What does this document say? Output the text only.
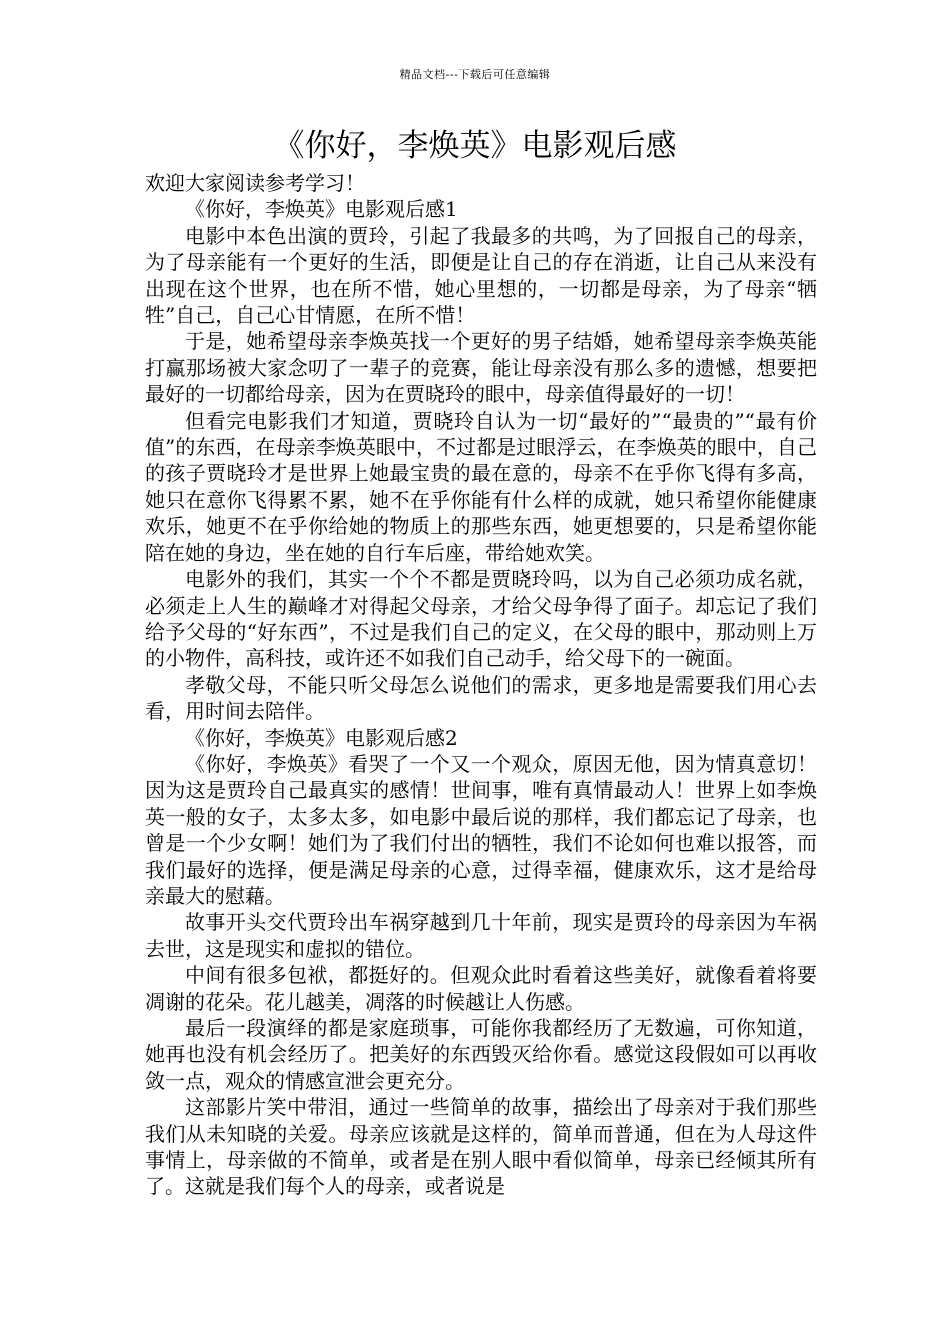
精品文档---下载后可任意编辑
《你好，李焕英》电影观后感

欢迎大家阅读参考学习！

《你好，李焕英》电影观后感1

电影中本色出演的贾玲，引起了我最多的共鸣，为了回报自己的母亲，为了母亲能有一个更好的生活，即便是让自己的存在消逝，让自己从来没有出现在这个世界，也在所不惜，她心里想的，一切都是母亲，为了母亲“牺牲”自己，自己心甘情愿，在所不惜！

于是，她希望母亲李焕英找一个更好的男子结婚，她希望母亲李焕英能打赢那场被大家念叨了一辈子的竞赛，能让母亲没有那么多的遗憾，想要把最好的一切都给母亲，因为在贾晓玲的眼中，母亲值得最好的一切！

但看完电影我们才知道，贾晓玲自认为一切“最好的”“最贵的”“最有价值”的东西，在母亲李焕英眼中，不过都是过眼浮云，在李焕英的眼中，自己的孩子贾晓玲才是世界上她最宝贵的最在意的，母亲不在乎你飞得有多高，她只在意你飞得累不累，她不在乎你能有什么样的成就，她只希望你能健康欢乐，她更不在乎你给她的物质上的那些东西，她更想要的，只是希望你能陪在她的身边，坐在她的自行车后座，带给她欢笑。

电影外的我们，其实一个个不都是贾晓玲吗，以为自己必须功成名就，必须走上人生的巅峰才对得起父母亲，才给父母争得了面子。却忘记了我们给予父母的“好东西”，不过是我们自己的定义，在父母的眼中，那动则上万的小物件，高科技，或许还不如我们自己动手，给父母下的一碗面。

孝敬父母，不能只听父母怎么说他们的需求，更多地是需要我们用心去看，用时间去陪伴。

《你好，李焕英》电影观后感2

《你好，李焕英》看哭了一个又一个观众，原因无他，因为情真意切！因为这是贾玲自己最真实的感情！世间事，唯有真情最动人！世界上如李焕英一般的女子，太多太多，如电影中最后说的那样，我们都忘记了母亲，也曾是一个少女啊！她们为了我们付出的牺牲，我们不论如何也难以报答，而我们最好的选择，便是满足母亲的心意，过得幸福，健康欢乐，这才是给母亲最大的慰藉。

故事开头交代贾玲出车祸穿越到几十年前，现实是贾玲的母亲因为车祸去世，这是现实和虚拟的错位。

中间有很多包袱，都挺好的。但观众此时看着这些美好，就像看着将要凋谢的花朵。花儿越美，凋落的时候越让人伤感。

最后一段演绎的都是家庭琐事，可能你我都经历了无数遍，可你知道，她再也没有机会经历了。把美好的东西毁灭给你看。感觉这段假如可以再收敛一点，观众的情感宣泄会更充分。

这部影片笑中带泪，通过一些简单的故事，描绘出了母亲对于我们那些我们从未知晓的关爱。母亲应该就是这样的，简单而普通，但在为人母这件事情上，母亲做的不简单，或者是在别人眼中看似简单，母亲已经倾其所有了。这就是我们每个人的母亲，或者说是
